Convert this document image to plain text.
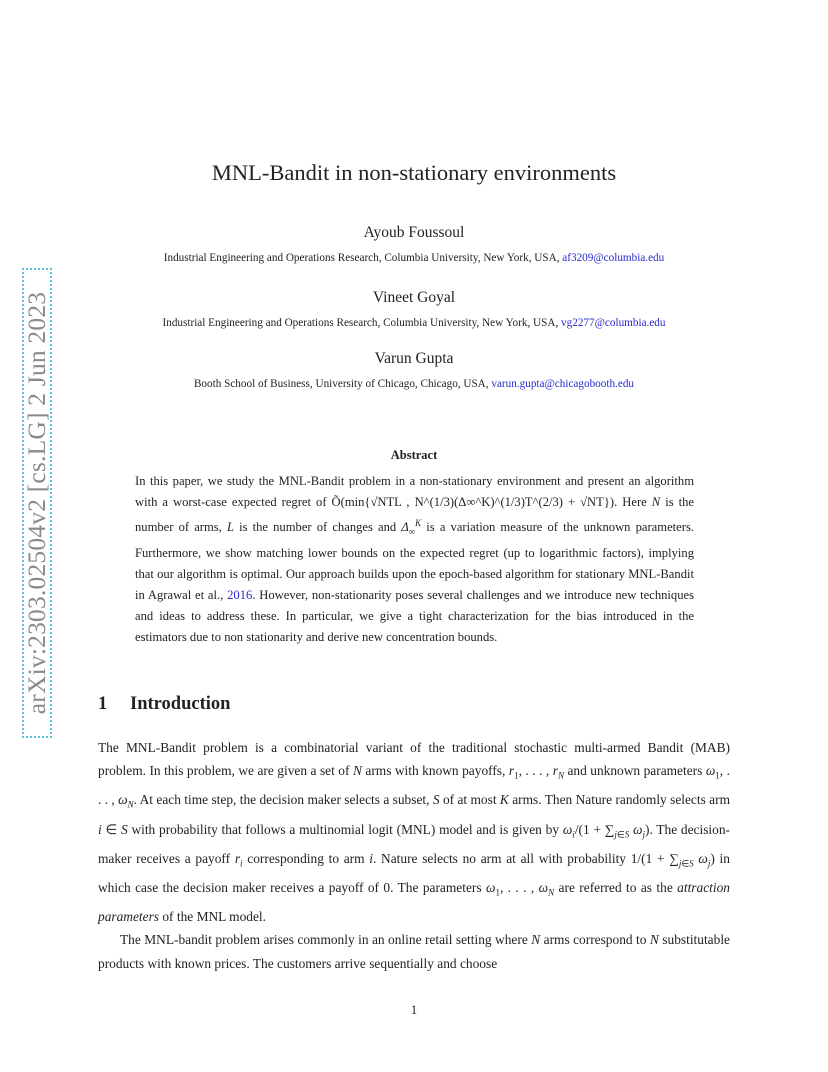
arXiv:2303.02504v2 [cs.LG] 2 Jun 2023
MNL-Bandit in non-stationary environments
Ayoub Foussoul
Industrial Engineering and Operations Research, Columbia University, New York, USA, af3209@columbia.edu
Vineet Goyal
Industrial Engineering and Operations Research, Columbia University, New York, USA, vg2277@columbia.edu
Varun Gupta
Booth School of Business, University of Chicago, Chicago, USA, varun.gupta@chicagobooth.edu
Abstract

In this paper, we study the MNL-Bandit problem in a non-stationary environment and present an algorithm with a worst-case expected regret of Õ(min{√NTL , N^(1/3)(Δ∞^K)^(1/3)T^(2/3) + √NT}). Here N is the number of arms, L is the number of changes and $\Delta_\infty^K$ is a variation measure of the unknown parameters. Furthermore, we show matching lower bounds on the expected regret (up to logarithmic factors), implying that our algorithm is optimal. Our approach builds upon the epoch-based algorithm for stationary MNL-Bandit in Agrawal et al., 2016. However, non-stationarity poses several challenges and we introduce new techniques and ideas to address these. In particular, we give a tight characterization for the bias introduced in the estimators due to non stationarity and derive new concentration bounds.

1 Introduction

The MNL-Bandit problem is a combinatorial variant of the traditional stochastic multi-armed Bandit (MAB) problem. In this problem, we are given a set of N arms with known payoffs, $r_1$, . . . , $r_N$ and unknown parameters $\omega_1$, . . . , $\omega_N$. At each time step, the decision maker selects a subset, S of at most K arms. Then Nature randomly selects arm i ∈ S with probability that follows a multinomial logit (MNL) model and is given by $\omega_i/(1 + \sum_{j\in S}$ $\omega_j$). The decision-maker receives a payoff $r_i$ corresponding to arm i. Nature selects no arm at all with probability $1/(1 + \sum_{j\in S}$ $\omega_j$) in which case the decision maker receives a payoff of 0. The parameters $\omega_1$, . . . , $\omega_N$ are referred to as the attraction parameters of the MNL model.

The MNL-bandit problem arises commonly in an online retail setting where N arms correspond to N substitutable products with known prices. The customers arrive sequentially and choose

1
